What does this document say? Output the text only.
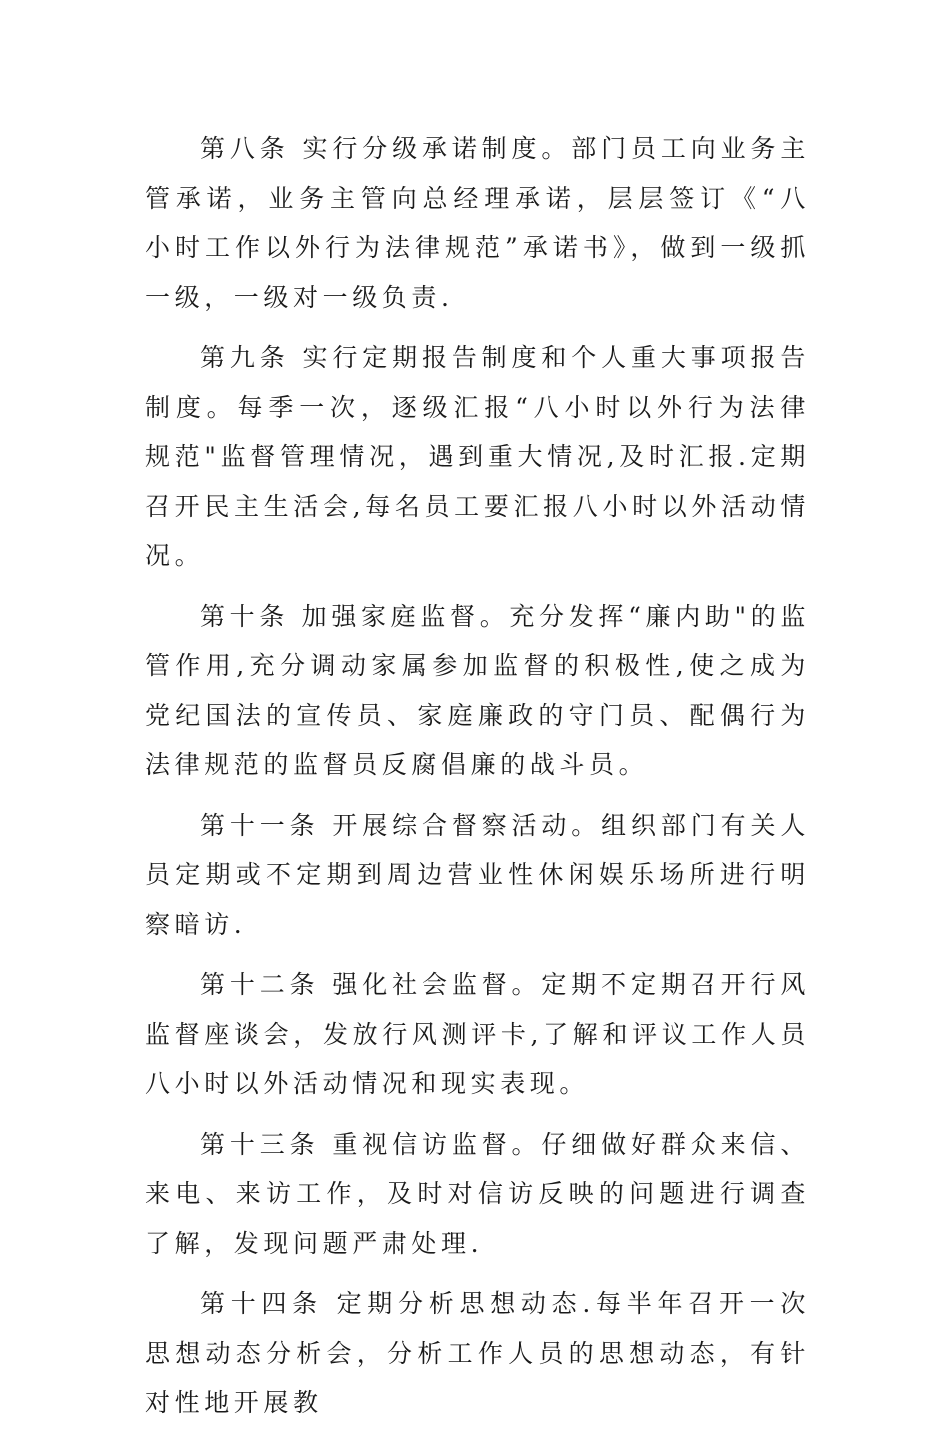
第八条 实行分级承诺制度。部门员工向业务主管承诺，业务主管向总经理承诺，层层签订《“八小时工作以外行为法律规范”承诺书》，做到一级抓一级，一级对一级负责.

第九条 实行定期报告制度和个人重大事项报告制度。每季一次，逐级汇报“八小时以外行为法律规范"监督管理情况，遇到重大情况,及时汇报.定期召开民主生活会,每名员工要汇报八小时以外活动情况。

第十条 加强家庭监督。充分发挥“廉内助"的监管作用,充分调动家属参加监督的积极性,使之成为党纪国法的宣传员、家庭廉政的守门员、配偶行为法律规范的监督员反腐倡廉的战斗员。

第十一条 开展综合督察活动。组织部门有关人员定期或不定期到周边营业性休闲娱乐场所进行明察暗访.

第十二条 强化社会监督。定期不定期召开行风监督座谈会，发放行风测评卡,了解和评议工作人员八小时以外活动情况和现实表现。

第十三条 重视信访监督。仔细做好群众来信、来电、来访工作，及时对信访反映的问题进行调查了解，发现问题严肃处理.

第十四条 定期分析思想动态.每半年召开一次思想动态分析会，分析工作人员的思想动态，有针对性地开展教
